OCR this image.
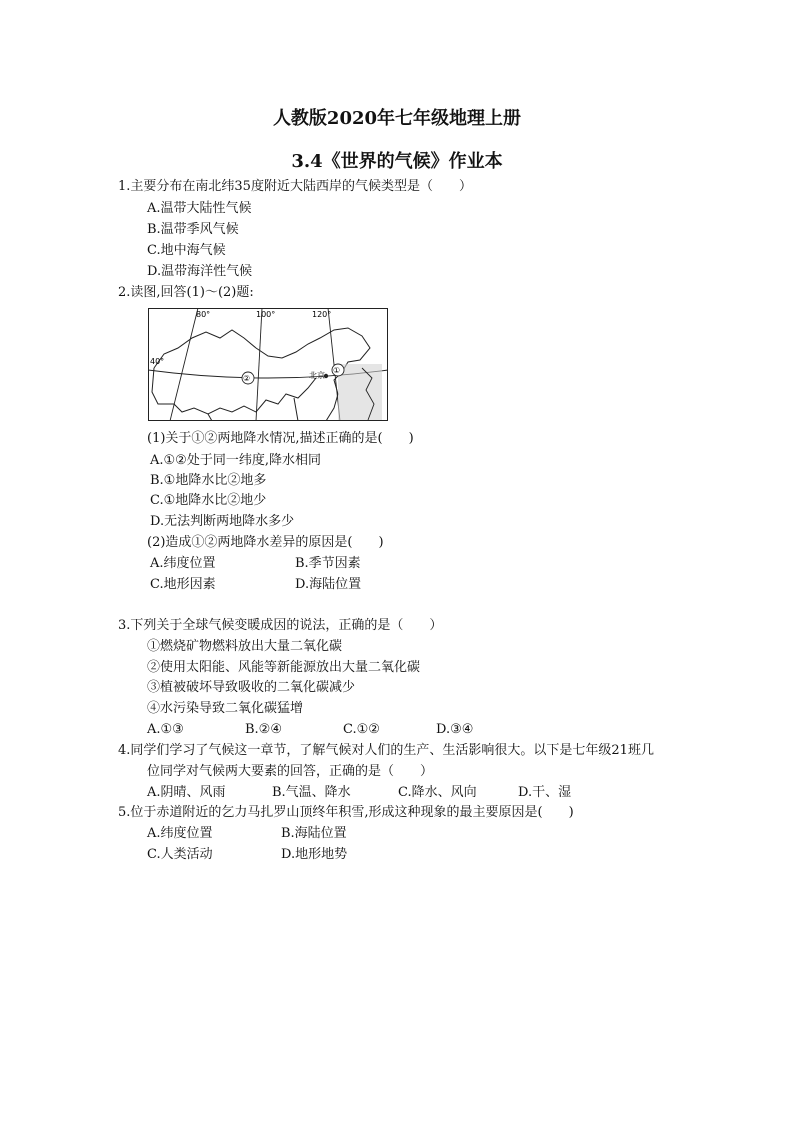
人教版2020年七年级地理上册
3.4《世界的气候》作业本
1.主要分布在南北纬35度附近大陆西岸的气候类型是（　　）
A.温带大陆性气候
B.温带季风气候
C.地中海气候
D.温带海洋性气候
2.读图,回答(1)～(2)题:
80°	100°	120°
40°
北京
②
①
(1)关于①②两地降水情况,描述正确的是(　　)
A.①②处于同一纬度,降水相同
B.①地降水比②地多
C.①地降水比②地少
D.无法判断两地降水多少
(2)造成①②两地降水差异的原因是(　　)
A.纬度位置	B.季节因素
C.地形因素	D.海陆位置
3.下列关于全球气候变暖成因的说法，正确的是（　　）
①燃烧矿物燃料放出大量二氧化碳
②使用太阳能、风能等新能源放出大量二氧化碳
③植被破坏导致吸收的二氧化碳减少
④水污染导致二氧化碳猛增
A.①③	B.②④	C.①②	D.③④
4.同学们学习了气候这一章节，了解气候对人们的生产、生活影响很大。以下是七年级21班几
位同学对气候两大要素的回答，正确的是（　　）
A.阴晴、风雨	B.气温、降水	C.降水、风向	D.干、湿
5.位于赤道附近的乞力马扎罗山顶终年积雪,形成这种现象的最主要原因是(　　)
A.纬度位置	B.海陆位置
C.人类活动	D.地形地势
